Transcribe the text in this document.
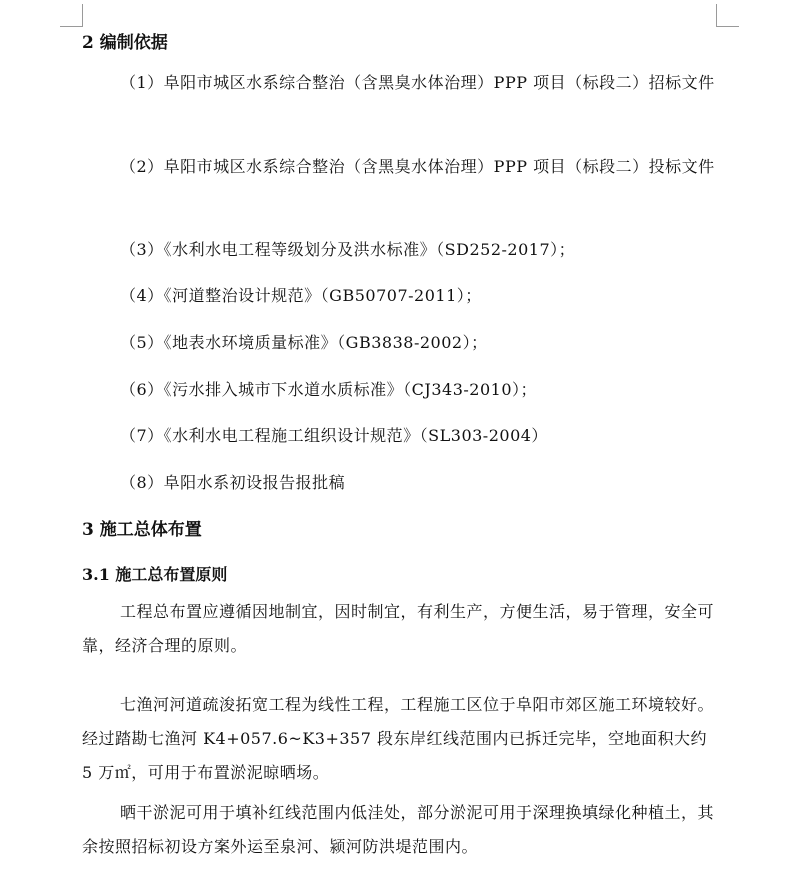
2 编制依据
（1）阜阳市城区水系综合整治（含黑臭水体治理）PPP 项目（标段二）招标文件
（2）阜阳市城区水系综合整治（含黑臭水体治理）PPP 项目（标段二）投标文件
（3）《水利水电工程等级划分及洪水标准》（SD252-2017）；
（4）《河道整治设计规范》（GB50707-2011）；
（5）《地表水环境质量标准》（GB3838-2002）；
（6）《污水排入城市下水道水质标准》（CJ343-2010）；
（7）《水利水电工程施工组织设计规范》（SL303-2004）
（8）阜阳水系初设报告报批稿
3 施工总体布置
3.1 施工总布置原则
工程总布置应遵循因地制宜，因时制宜，有利生产，方便生活，易于管理，安全可靠，经济合理的原则。
七渔河河道疏浚拓宽工程为线性工程，工程施工区位于阜阳市郊区施工环境较好。经过踏勘七渔河 K4+057.6~K3+357 段东岸红线范围内已拆迁完毕，空地面积大约 5 万㎡，可用于布置淤泥晾晒场。
晒干淤泥可用于填补红线范围内低洼处，部分淤泥可用于深理换填绿化种植土，其余按照招标初设方案外运至泉河、颍河防洪堤范围内。
